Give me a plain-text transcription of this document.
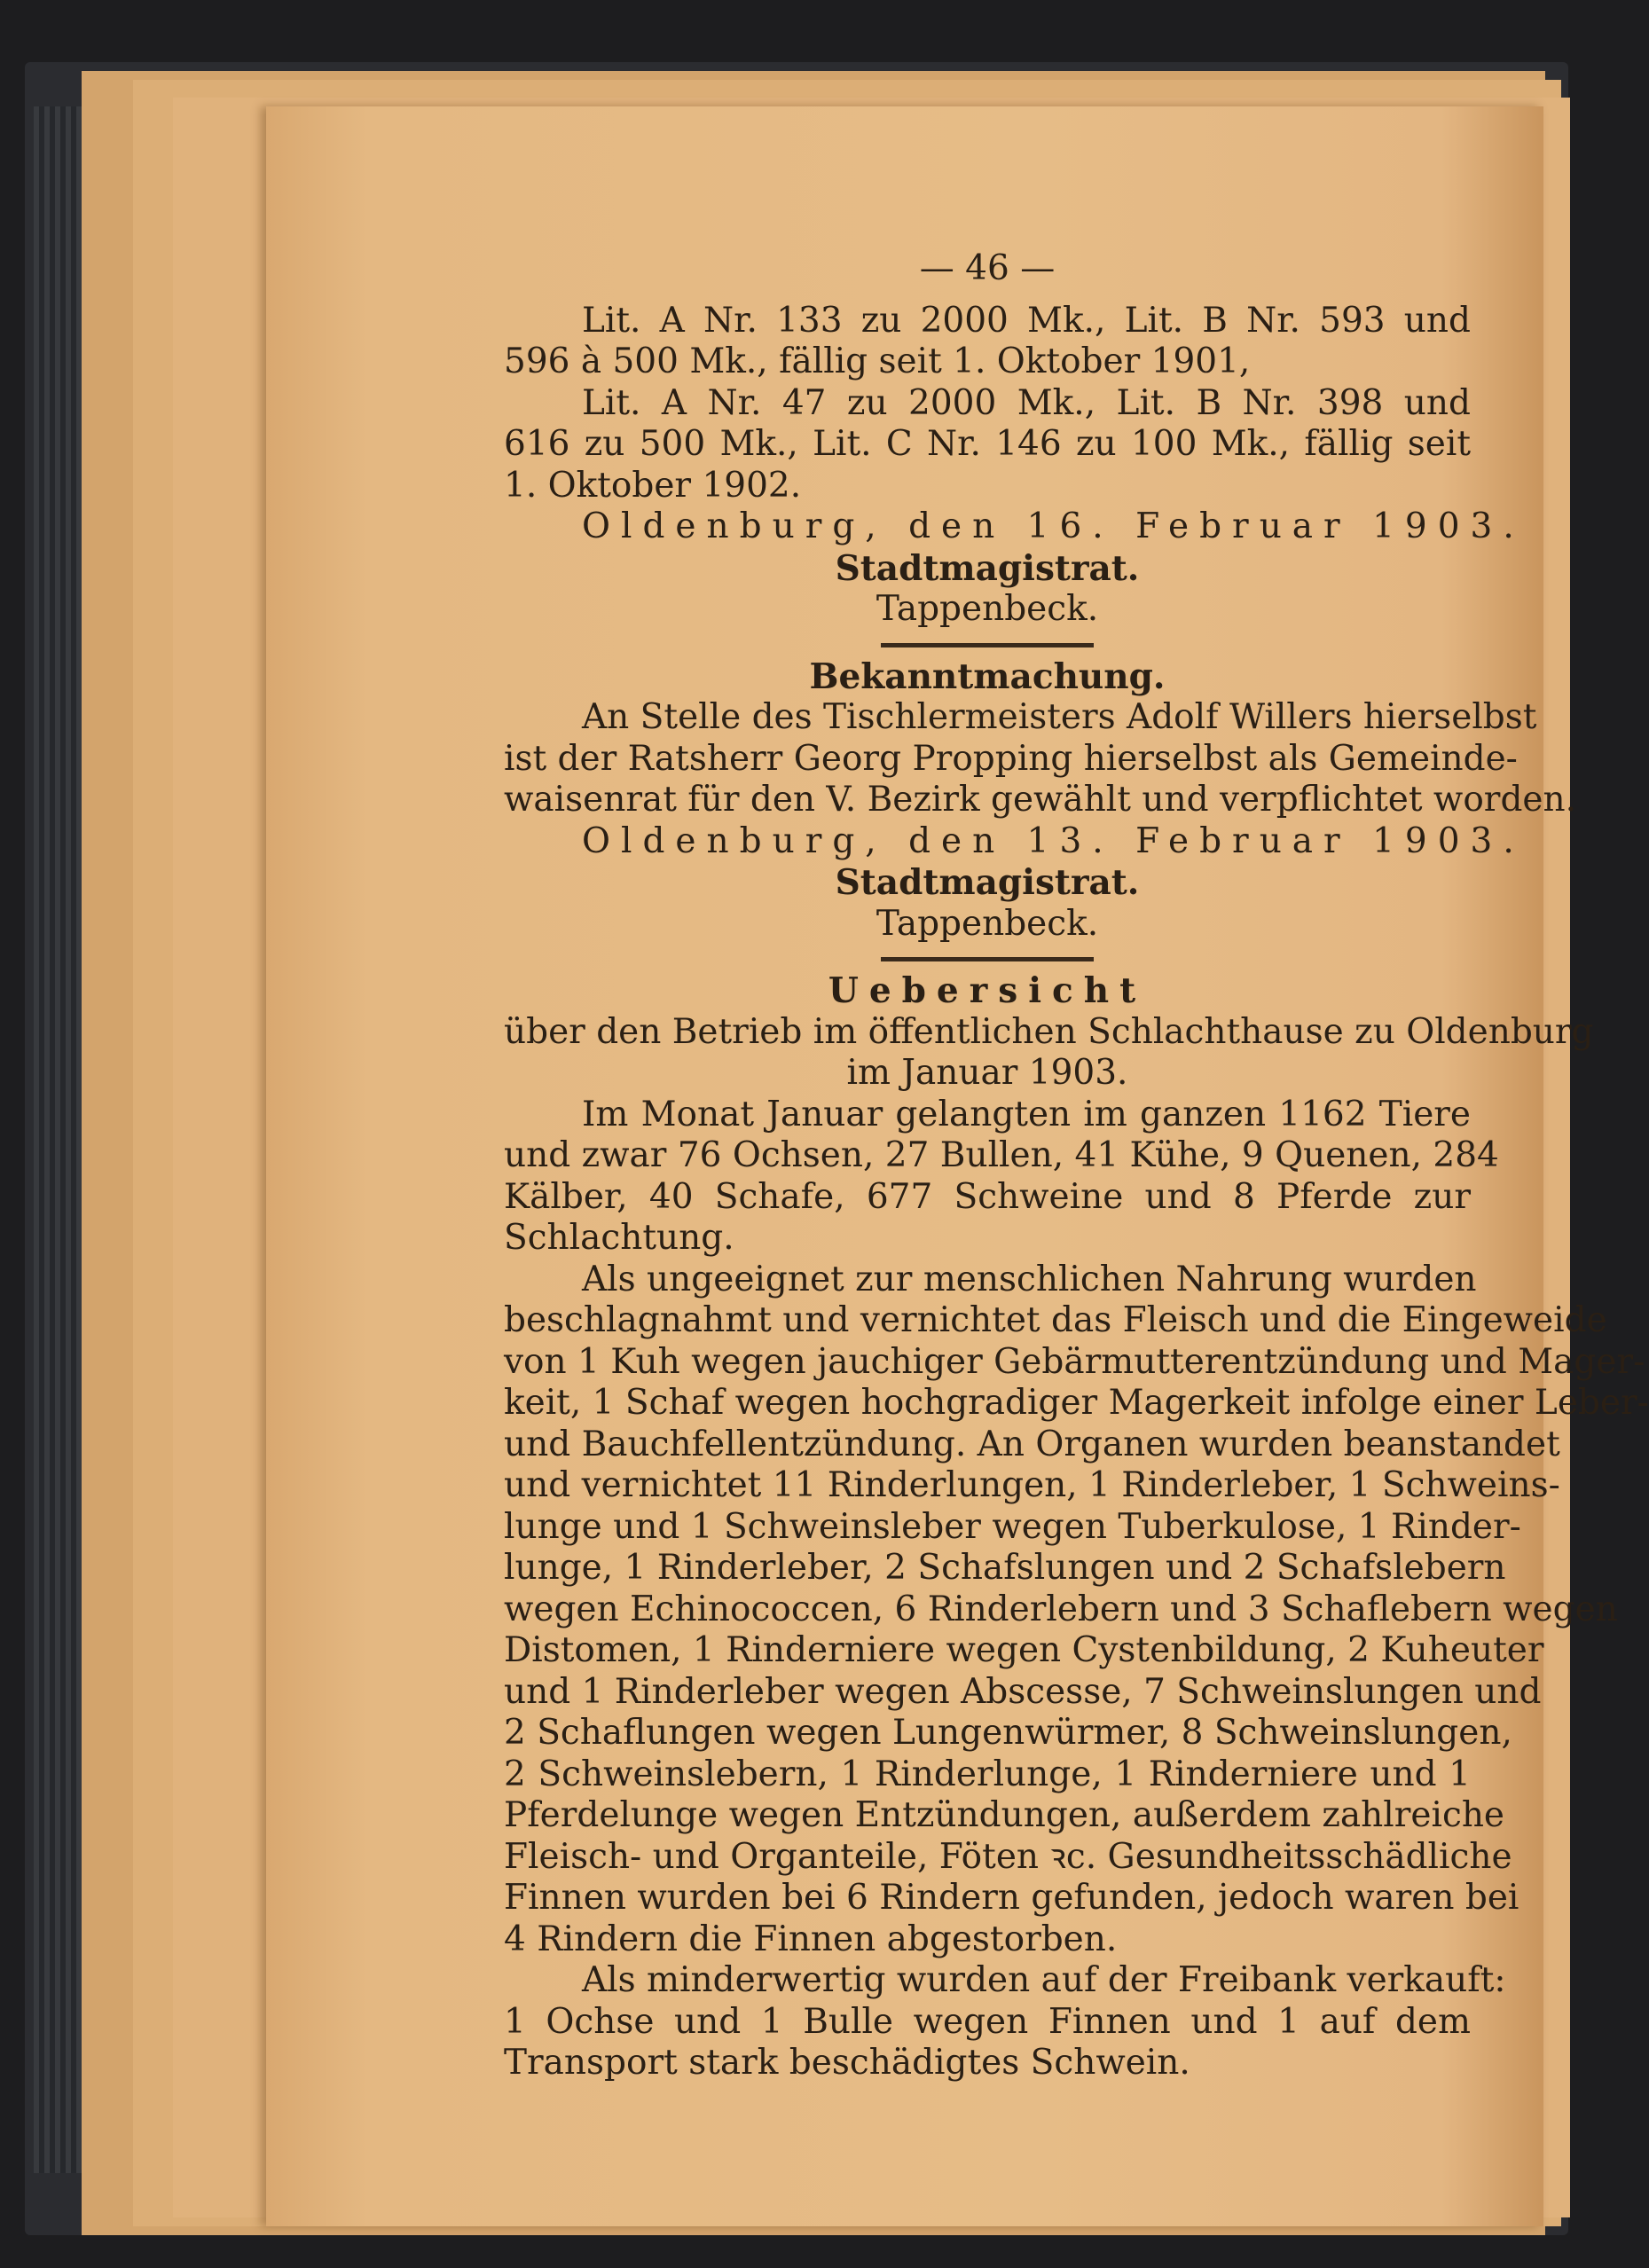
— 46 —
Lit. A Nr. 133 zu 2000 Mk., Lit. B Nr. 593 und
596 à 500 Mk., fällig seit 1. Oktober 1901,
Lit. A Nr. 47 zu 2000 Mk., Lit. B Nr. 398 und
616 zu 500 Mk., Lit. C Nr. 146 zu 100 Mk., fällig seit
1. Oktober 1902.
Oldenburg, den 16. Februar 1903.
Stadtmagistrat.
Tappenbeck.
Bekanntmachung.
An Stelle des Tischlermeisters Adolf Willers hierselbst
ist der Ratsherr Georg Propping hierselbst als Gemeinde-
waisenrat für den V. Bezirk gewählt und verpflichtet worden.
Oldenburg, den 13. Februar 1903.
Stadtmagistrat.
Tappenbeck.
Uebersicht
über den Betrieb im öffentlichen Schlachthause zu Oldenburg
im Januar 1903.
Im Monat Januar gelangten im ganzen 1162 Tiere
und zwar 76 Ochsen, 27 Bullen, 41 Kühe, 9 Quenen, 284
Kälber, 40 Schafe, 677 Schweine und 8 Pferde zur
Schlachtung.
Als ungeeignet zur menschlichen Nahrung wurden
beschlagnahmt und vernichtet das Fleisch und die Eingeweide
von 1 Kuh wegen jauchiger Gebärmutterentzündung und Mager-
keit, 1 Schaf wegen hochgradiger Magerkeit infolge einer Leber-
und Bauchfellentzündung. An Organen wurden beanstandet
und vernichtet 11 Rinderlungen, 1 Rinderleber, 1 Schweins-
lunge und 1 Schweinsleber wegen Tuberkulose, 1 Rinder-
lunge, 1 Rinderleber, 2 Schafslungen und 2 Schafslebern
wegen Echinococcen, 6 Rinderlebern und 3 Schaflebern wegen
Distomen, 1 Rinderniere wegen Cystenbildung, 2 Kuheuter
und 1 Rinderleber wegen Abscesse, 7 Schweinslungen und
2 Schaflungen wegen Lungenwürmer, 8 Schweinslungen,
2 Schweinslebern, 1 Rinderlunge, 1 Rinderniere und 1
Pferdelunge wegen Entzündungen, außerdem zahlreiche
Fleisch- und Organteile, Föten ꝛc. Gesundheitsschädliche
Finnen wurden bei 6 Rindern gefunden, jedoch waren bei
4 Rindern die Finnen abgestorben.
Als minderwertig wurden auf der Freibank verkauft:
1 Ochse und 1 Bulle wegen Finnen und 1 auf dem
Transport stark beschädigtes Schwein.
